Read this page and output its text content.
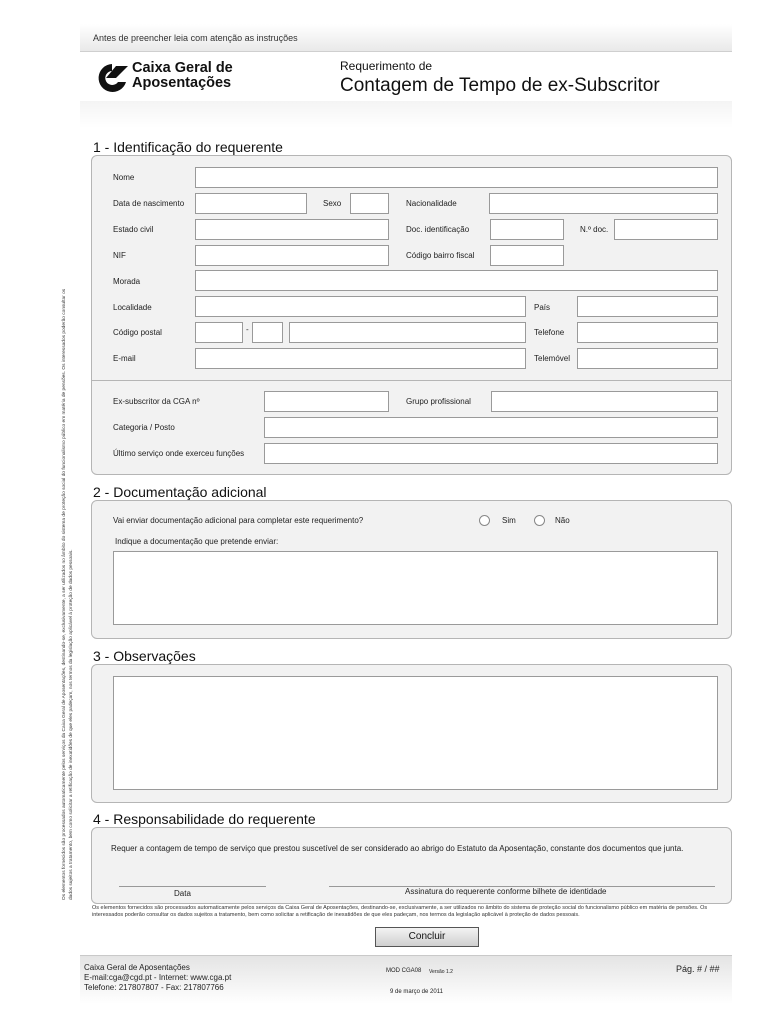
Antes de preencher leia com atenção as instruções
Caixa Geral de
Aposentações
Requerimento de
Contagem de Tempo de ex-Subscritor
Os elementos fornecidos são processados automaticamente pelos serviços da Caixa Geral de Aposentações, destinando-se, exclusivamente, a ser utilizados no âmbito do sistema de proteção social do funcionalismo público em matéria de pensões. Os interessados poderão consultar os dados sujeitos a tratamento, bem como solicitar a retificação de inexatidões de que eles padeçam, nos termos da legislação aplicável à proteção de dados pessoais.
1 - Identificação do requerente
Nome
Data de nascimento	Sexo	Nacionalidade
Estado civil	Doc. identificação	N.º doc.
NIF	Código bairro fiscal
Morada
Localidade	País
Código postal	-	Telefone
E-mail	Telemóvel
Ex-subscritor da CGA nº	Grupo profissional
Categoria / Posto
Último serviço onde exerceu funções
2 - Documentação adicional
Vai enviar documentação adicional para completar este requerimento?	Sim	Não
Indique a documentação que pretende enviar:
3 - Observações
4 - Responsabilidade do requerente
Requer a contagem de tempo de serviço que prestou suscetível de ser considerado ao abrigo do Estatuto da Aposentação, constante dos documentos que junta.
Data	Assinatura do requerente conforme bilhete de identidade
Os elementos fornecidos são processados automaticamente pelos serviços da Caixa Geral de Aposentações, destinando-se, exclusivamente, a ser utilizados no âmbito do sistema de proteção social do funcionalismo público em matéria de pensões. Os interessados poderão consultar os dados sujeitos a tratamento, bem como solicitar a retificação de inexatidões de que eles padeçam, nos termos da legislação aplicável à proteção de dados pessoais.
Concluir
Caixa Geral de Aposentações
E-mail:cga@cgd.pt - Internet: www.cga.pt
Telefone: 217807807 - Fax: 217807766
MOD CGA08 Versão 1.2
9 de março de 2011
Pág. # / ##
